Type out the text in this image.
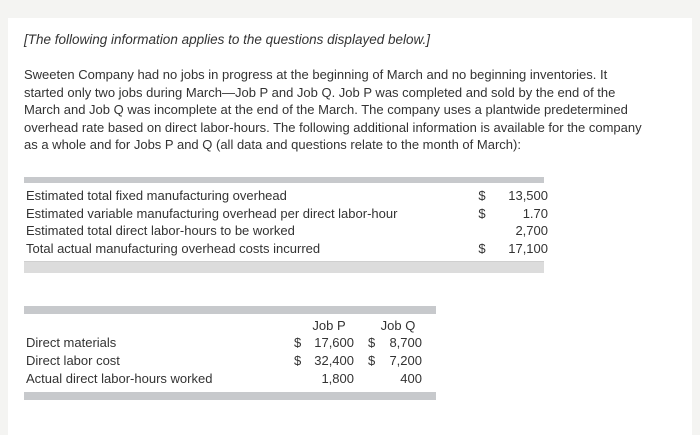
[The following information applies to the questions displayed below.]
Sweeten Company had no jobs in progress at the beginning of March and no beginning inventories. It
started only two jobs during March—Job P and Job Q. Job P was completed and sold by the end of the
March and Job Q was incomplete at the end of the March. The company uses a plantwide predetermined
overhead rate based on direct labor-hours. The following additional information is available for the company
as a whole and for Jobs P and Q (all data and questions relate to the month of March):
Estimated total fixed manufacturing overhead	$	13,500
Estimated variable manufacturing overhead per direct labor-hour	$	1.70
Estimated total direct labor-hours to be worked	2,700
Total actual manufacturing overhead costs incurred	$	17,100
Job P	Job Q
Direct materials	$	17,600 $	8,700
Direct labor cost	$	32,400 $	7,200
Actual direct labor-hours worked	1,800	400
